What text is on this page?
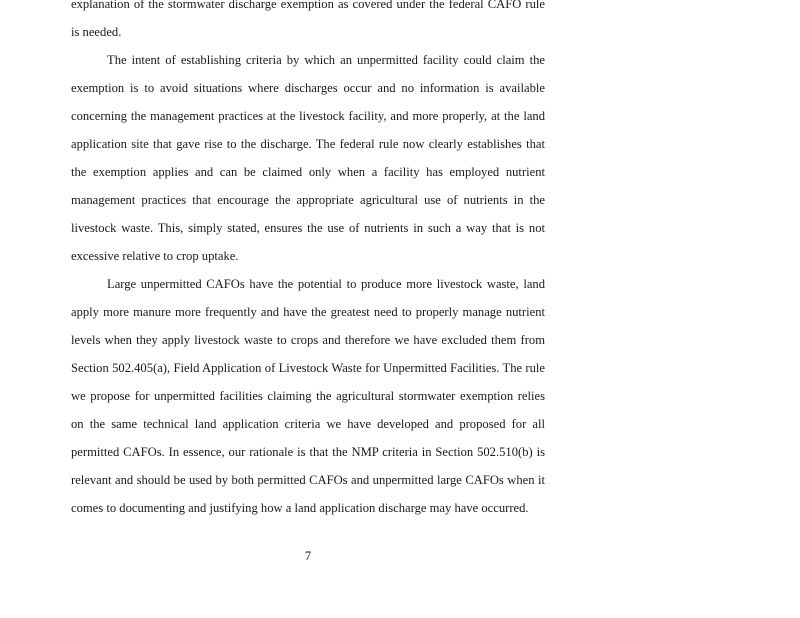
explanation of the stormwater discharge exemption as covered under the federal CAFO rule is needed.

The intent of establishing criteria by which an unpermitted facility could claim the exemption is to avoid situations where discharges occur and no information is available concerning the management practices at the livestock facility, and more properly, at the land application site that gave rise to the discharge. The federal rule now clearly establishes that the exemption applies and can be claimed only when a facility has employed nutrient management practices that encourage the appropriate agricultural use of nutrients in the livestock waste. This, simply stated, ensures the use of nutrients in such a way that is not excessive relative to crop uptake.

Large unpermitted CAFOs have the potential to produce more livestock waste, land apply more manure more frequently and have the greatest need to properly manage nutrient levels when they apply livestock waste to crops and therefore we have excluded them from Section 502.405(a), Field Application of Livestock Waste for Unpermitted Facilities. The rule we propose for unpermitted facilities claiming the agricultural stormwater exemption relies on the same technical land application criteria we have developed and proposed for all permitted CAFOs. In essence, our rationale is that the NMP criteria in Section 502.510(b) is relevant and should be used by both permitted CAFOs and unpermitted large CAFOs when it comes to documenting and justifying how a land application discharge may have occurred.

7
